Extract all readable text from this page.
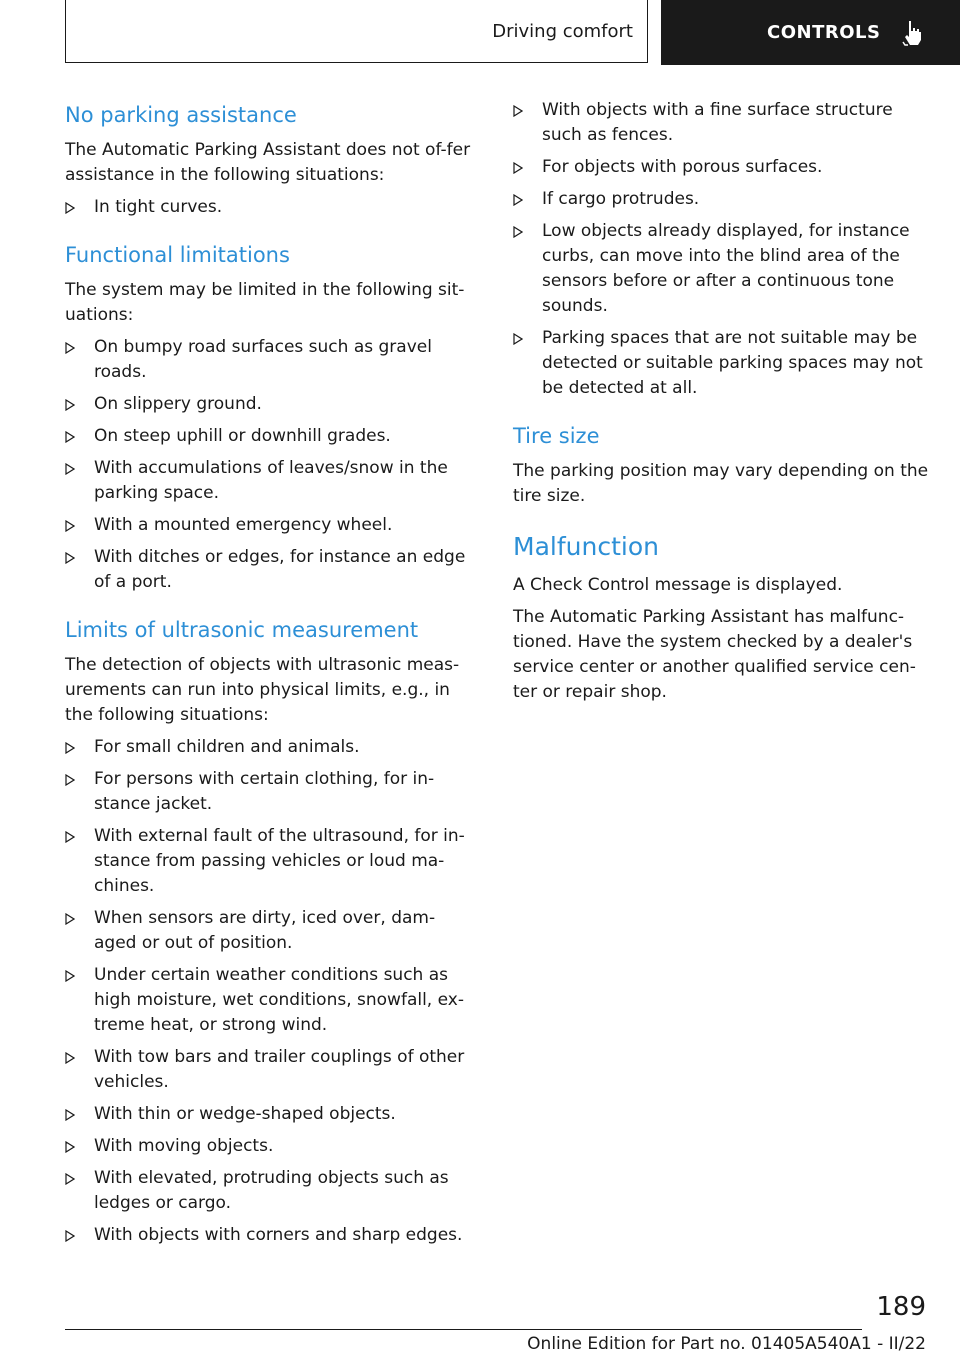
Driving comfort	CONTROLS
No parking assistance

The Automatic Parking Assistant does not of-fer assistance in the following situations:

In tight curves.
Functional limitations

The system may be limited in the following sit-uations:

On bumpy road surfaces such as gravel roads.
On slippery ground.
On steep uphill or downhill grades.
With accumulations of leaves/snow in the parking space.
With a mounted emergency wheel.
With ditches or edges, for instance an edge of a port.
Limits of ultrasonic measurement

The detection of objects with ultrasonic meas-urements can run into physical limits, e.g., in the following situations:

For small children and animals.
For persons with certain clothing, for in-stance jacket.
With external fault of the ultrasound, for in-stance from passing vehicles or loud ma-chines.
When sensors are dirty, iced over, dam-aged or out of position.
Under certain weather conditions such as high moisture, wet conditions, snowfall, ex-treme heat, or strong wind.
With tow bars and trailer couplings of other vehicles.
With thin or wedge-shaped objects.
With moving objects.
With elevated, protruding objects such as ledges or cargo.
With objects with corners and sharp edges.
With objects with a fine surface structure such as fences.
For objects with porous surfaces.
If cargo protrudes.
Low objects already displayed, for instance curbs, can move into the blind area of the sensors before or after a continuous tone sounds.
Parking spaces that are not suitable may be detected or suitable parking spaces may not be detected at all.
Tire size

The parking position may vary depending on the tire size.

Malfunction

A Check Control message is displayed.

The Automatic Parking Assistant has malfunc-tioned. Have the system checked by a dealer's service center or another qualified service cen-ter or repair shop.

189
Online Edition for Part no. 01405A540A1 - II/22
